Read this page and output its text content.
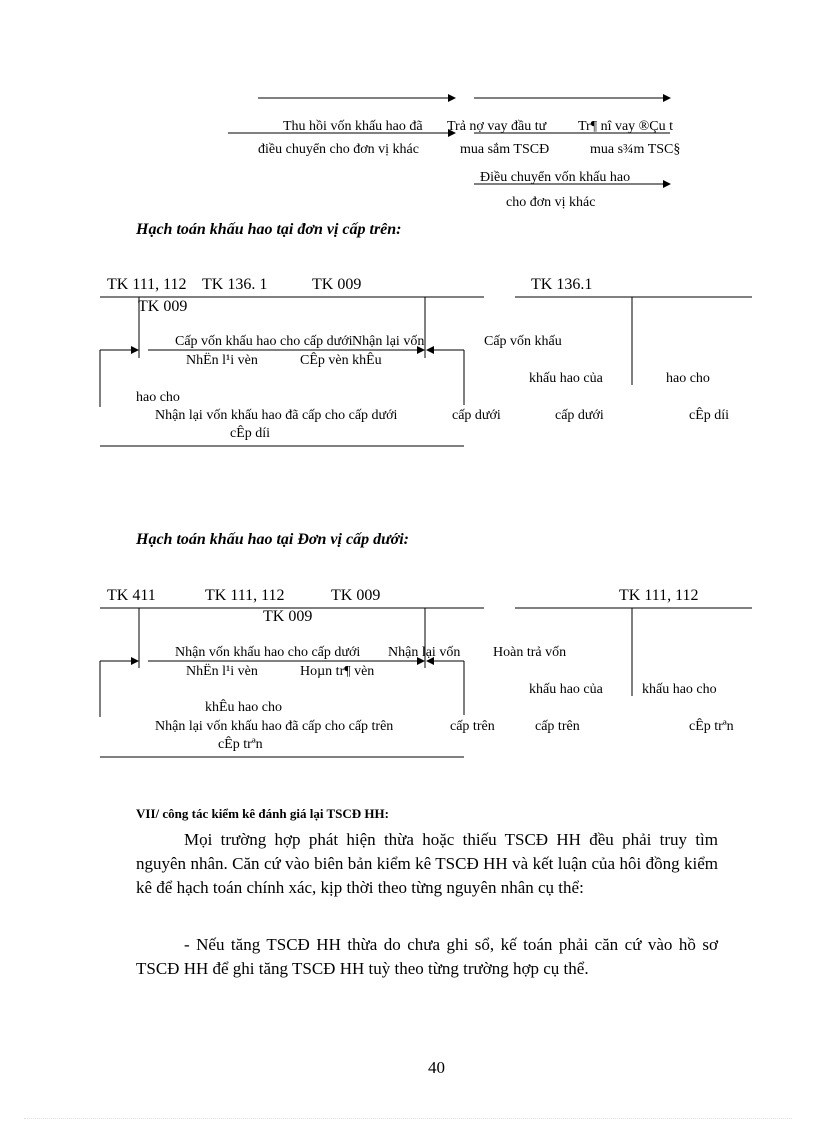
Thu hồi vốn khấu hao đã Trả nợ vay đầu tư Tr¶ nî vay ®Çu t
điều chuyển cho đơn vị khác	mua sắm TSCĐ	mua s¾m TSC§
Điều chuyển vốn khấu hao
cho đơn vị khác
Hạch toán khấu hao tại đơn vị cấp trên:
TK 111, 112 TK 136. 1	TK 009	TK 136.1
TK 009
Cấp vốn khấu hao cho cấp dưới Nhận lại vốn	Cấp vốn khấu
NhËn l¹i vèn	CÊp vèn khÊu
khấu hao của	hao cho
hao cho
Nhận lại vốn khấu hao đã cấp cho cấp dưới	cấp dưới	cấp dưới	cÊp díi
cÊp díi
Hạch toán khấu hao tại Đơn vị cấp dưới:
TK 411	TK 111, 112	TK 009	TK 111, 112
TK 009
Nhận vốn khấu hao cho cấp dưới Nhận lại vốn Hoàn trả vốn
NhËn l¹i vèn	Hoµn tr¶ vèn
khấu hao của	khấu hao cho
khÊu hao cho
Nhận lại vốn khấu hao đã cấp cho cấp trên	cấp trên	cấp trên	cÊp trªn
cÊp trªn
VII/ công tác kiểm kê đánh giá lại TSCĐ HH:
Mọi trường hợp phát hiện thừa hoặc thiếu TSCĐ HH đều phải truy tìm nguyên nhân. Căn cứ vào biên bản kiểm kê TSCĐ HH và kết luận của hôi đồng kiểm kê để hạch toán chính xác, kịp thời theo từng nguyên nhân cụ thể:
- Nếu tăng TSCĐ HH thừa do chưa ghi sổ, kế toán phải căn cứ vào hồ sơ TSCĐ HH để ghi tăng TSCĐ HH tuỳ theo từng trường hợp cụ thể.
40
